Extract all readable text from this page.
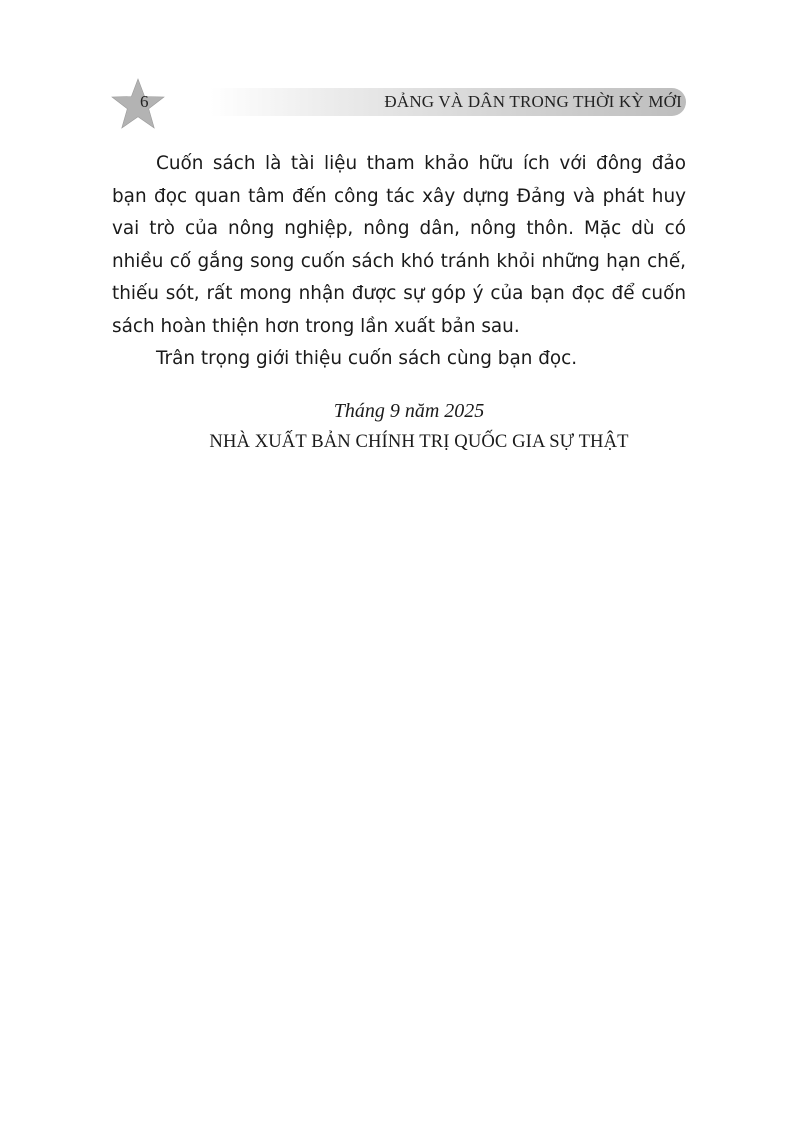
6	ĐẢNG VÀ DÂN TRONG THỜI KỲ MỚI

Cuốn sách là tài liệu tham khảo hữu ích với đông đảo bạn đọc quan tâm đến công tác xây dựng Đảng và phát huy vai trò của nông nghiệp, nông dân, nông thôn. Mặc dù có nhiều cố gắng song cuốn sách khó tránh khỏi những hạn chế, thiếu sót, rất mong nhận được sự góp ý của bạn đọc để cuốn sách hoàn thiện hơn trong lần xuất bản sau.

Trân trọng giới thiệu cuốn sách cùng bạn đọc.

Tháng 9 năm 2025
NHÀ XUẤT BẢN CHÍNH TRỊ QUỐC GIA SỰ THẬT
